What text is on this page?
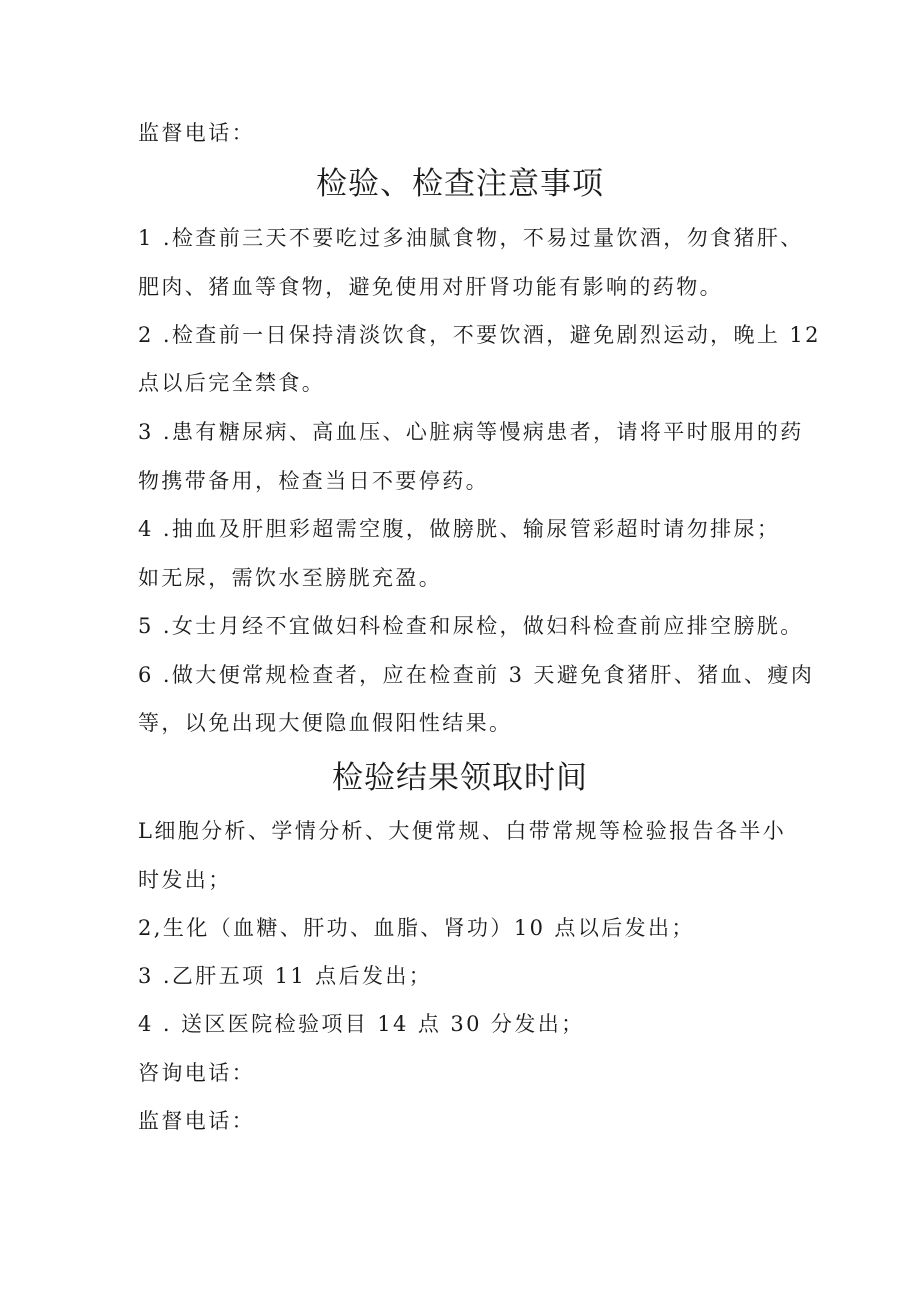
监督电话：
检验、检查注意事项
1 .检查前三天不要吃过多油腻食物，不易过量饮酒，勿食猪肝、
肥肉、猪血等食物，避免使用对肝肾功能有影响的药物。
2 .检查前一日保持清淡饮食，不要饮酒，避免剧烈运动，晚上 12
点以后完全禁食。
3 .患有糖尿病、高血压、心脏病等慢病患者，请将平时服用的药
物携带备用，检查当日不要停药。
4 .抽血及肝胆彩超需空腹，做膀胱、输尿管彩超时请勿排尿；
如无尿，需饮水至膀胱充盈。
5 .女士月经不宜做妇科检查和尿检，做妇科检查前应排空膀胱。
6 .做大便常规检查者，应在检查前 3 天避免食猪肝、猪血、瘦肉
等，以免出现大便隐血假阳性结果。
检验结果领取时间
L细胞分析、学情分析、大便常规、白带常规等检验报告各半小
时发出；
2,生化（血糖、肝功、血脂、肾功）10 点以后发出；
3 .乙肝五项 11 点后发出；
4 . 送区医院检验项目 14 点 30 分发出；
咨询电话：
监督电话：
